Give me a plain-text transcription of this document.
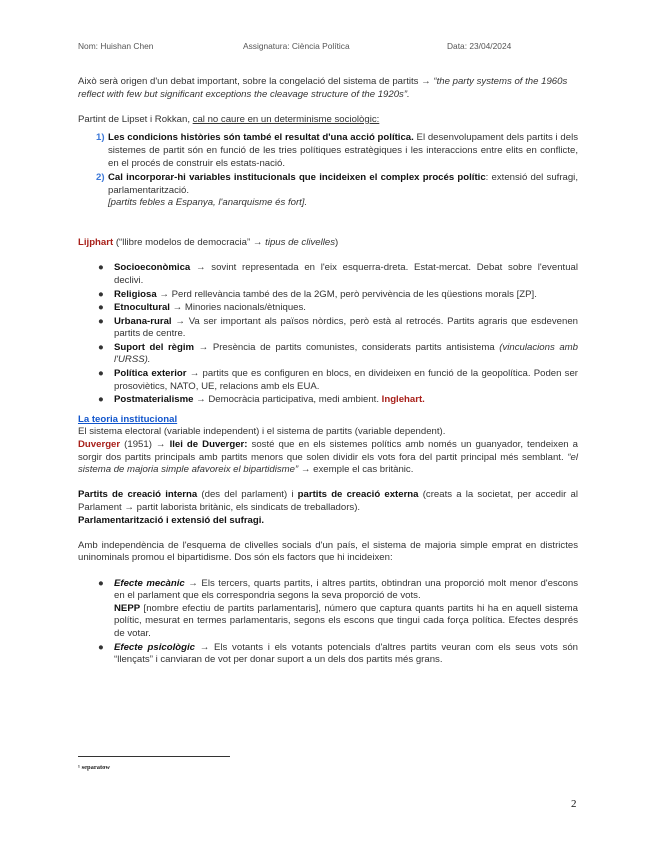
Nom: Huishan Chen	Assignatura: Ciència Política	Data: 23/04/2024

Això serà origen d'un debat important, sobre la congelació del sistema de partits → “the party systems of the 1960s reflect with few but significant exceptions the cleavage structure of the 1920s”.

Partint de Lipset i Rokkan, cal no caure en un determinisme sociològic:

1) Les condicions històries són també el resultat d'una acció política. El desenvolupament dels partits i dels sistemes de partit són en funció de les tries polítiques estratègiques i les interaccions entre elits en conflicte, en el procés de construir els estats-nació.
2) Cal incorporar-hi variables institucionals que incideixen el complex procés polític: extensió del sufragi, parlamentarització.
[partits febles a Espanya, l'anarquisme és fort].

Lijphart (“llibre modelos de democracia” → tipus de clivelles)

● Socioeconòmica → sovint representada en l'eix esquerra-dreta. Estat-mercat. Debat sobre l'eventual declivi.
● Religiosa → Perd rellevància també des de la 2GM, però pervivència de les qüestions morals [ZP].
● Etnocultural → Minories nacionals/ètniques.
● Urbana-rural → Va ser important als països nòrdics, però està al retrocés. Partits agraris que esdevenen partits de centre.
● Suport del règim → Presència de partits comunistes, considerats partits antisistema (vinculacions amb l'URSS).
● Política exterior → partits que es configuren en blocs, en divideixen en funció de la geopolítica. Poden ser prosoviètics, NATO, UE, relacions amb els EUA.
● Postmaterialisme → Democràcia participativa, medi ambient. Inglehart.

La teoria institucional

El sistema electoral (variable independent) i el sistema de partits (variable dependent).

Duverger (1951) → llei de Duverger: sosté que en els sistemes polítics amb només un guanyador, tendeixen a sorgir dos partits principals amb partits menors que solen dividir els vots fora del partit principal més semblant. “el sistema de majoria simple afavoreix el bipartidisme” → exemple el cas britànic.

Partits de creació interna (des del parlament) i partits de creació externa (creats a la societat, per accedir al Parlament → partit laborista britànic, els sindicats de treballadors).

Parlamentarització i extensió del sufragi.

Amb independència de l'esquema de clivelles socials d'un país, el sistema de majoria simple emprat en districtes uninominals promou el bipartidisme. Dos són els factors que hi incideixen:

● Efecte mecànic → Els tercers, quarts partits, i altres partits, obtindran una proporció molt menor d'escons en el parlament que els correspondria segons la seva proporció de vots.
NEPP [nombre efectiu de partits parlamentaris], número que captura quants partits hi ha en aquell sistema polític, mesurat en termes parlamentaris, segons els escons que tingui cada força política. Efectes després de votar.
● Efecte psicològic → Els votants i els votants potencials d'altres partits veuran com els seus vots són “llençats” i canviaran de vot per donar suport a un dels dos partits més grans.
¹ separatow
2
